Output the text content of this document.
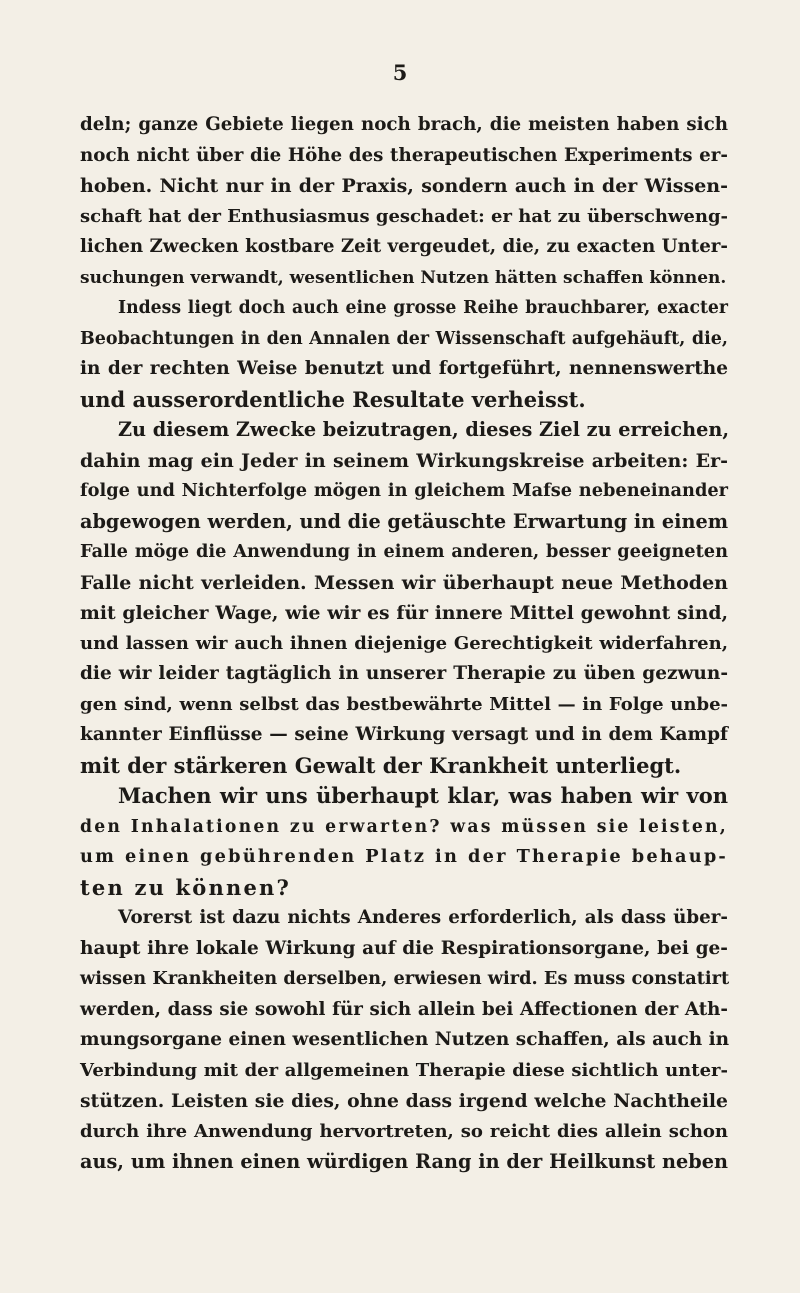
5
deln; ganze Gebiete liegen noch brach, die meisten haben sich
noch nicht über die Höhe des therapeutischen Experiments er-
hoben. Nicht nur in der Praxis, sondern auch in der Wissen-
schaft hat der Enthusiasmus geschadet: er hat zu überschweng-
lichen Zwecken kostbare Zeit vergeudet, die, zu exacten Unter-
suchungen verwandt, wesentlichen Nutzen hätten schaffen können.
Indess liegt doch auch eine grosse Reihe brauchbarer, exacter
Beobachtungen in den Annalen der Wissenschaft aufgehäuft, die,
in der rechten Weise benutzt und fortgeführt, nennenswerthe
und ausserordentliche Resultate verheisst.
Zu diesem Zwecke beizutragen, dieses Ziel zu erreichen,
dahin mag ein Jeder in seinem Wirkungskreise arbeiten: Er-
folge und Nichterfolge mögen in gleichem Mafse nebeneinander
abgewogen werden, und die getäuschte Erwartung in einem
Falle möge die Anwendung in einem anderen, besser geeigneten
Falle nicht verleiden. Messen wir überhaupt neue Methoden
mit gleicher Wage, wie wir es für innere Mittel gewohnt sind,
und lassen wir auch ihnen diejenige Gerechtigkeit widerfahren,
die wir leider tagtäglich in unserer Therapie zu üben gezwun-
gen sind, wenn selbst das bestbewährte Mittel — in Folge unbe-
kannter Einflüsse — seine Wirkung versagt und in dem Kampf
mit der stärkeren Gewalt der Krankheit unterliegt.
Machen wir uns überhaupt klar, was haben wir von
den Inhalationen zu erwarten? was müssen sie leisten,
um einen gebührenden Platz in der Therapie behaup-
ten zu können?
Vorerst ist dazu nichts Anderes erforderlich, als dass über-
haupt ihre lokale Wirkung auf die Respirationsorgane, bei ge-
wissen Krankheiten derselben, erwiesen wird. Es muss constatirt
werden, dass sie sowohl für sich allein bei Affectionen der Ath-
mungsorgane einen wesentlichen Nutzen schaffen, als auch in
Verbindung mit der allgemeinen Therapie diese sichtlich unter-
stützen. Leisten sie dies, ohne dass irgend welche Nachtheile
durch ihre Anwendung hervortreten, so reicht dies allein schon
aus, um ihnen einen würdigen Rang in der Heilkunst neben
